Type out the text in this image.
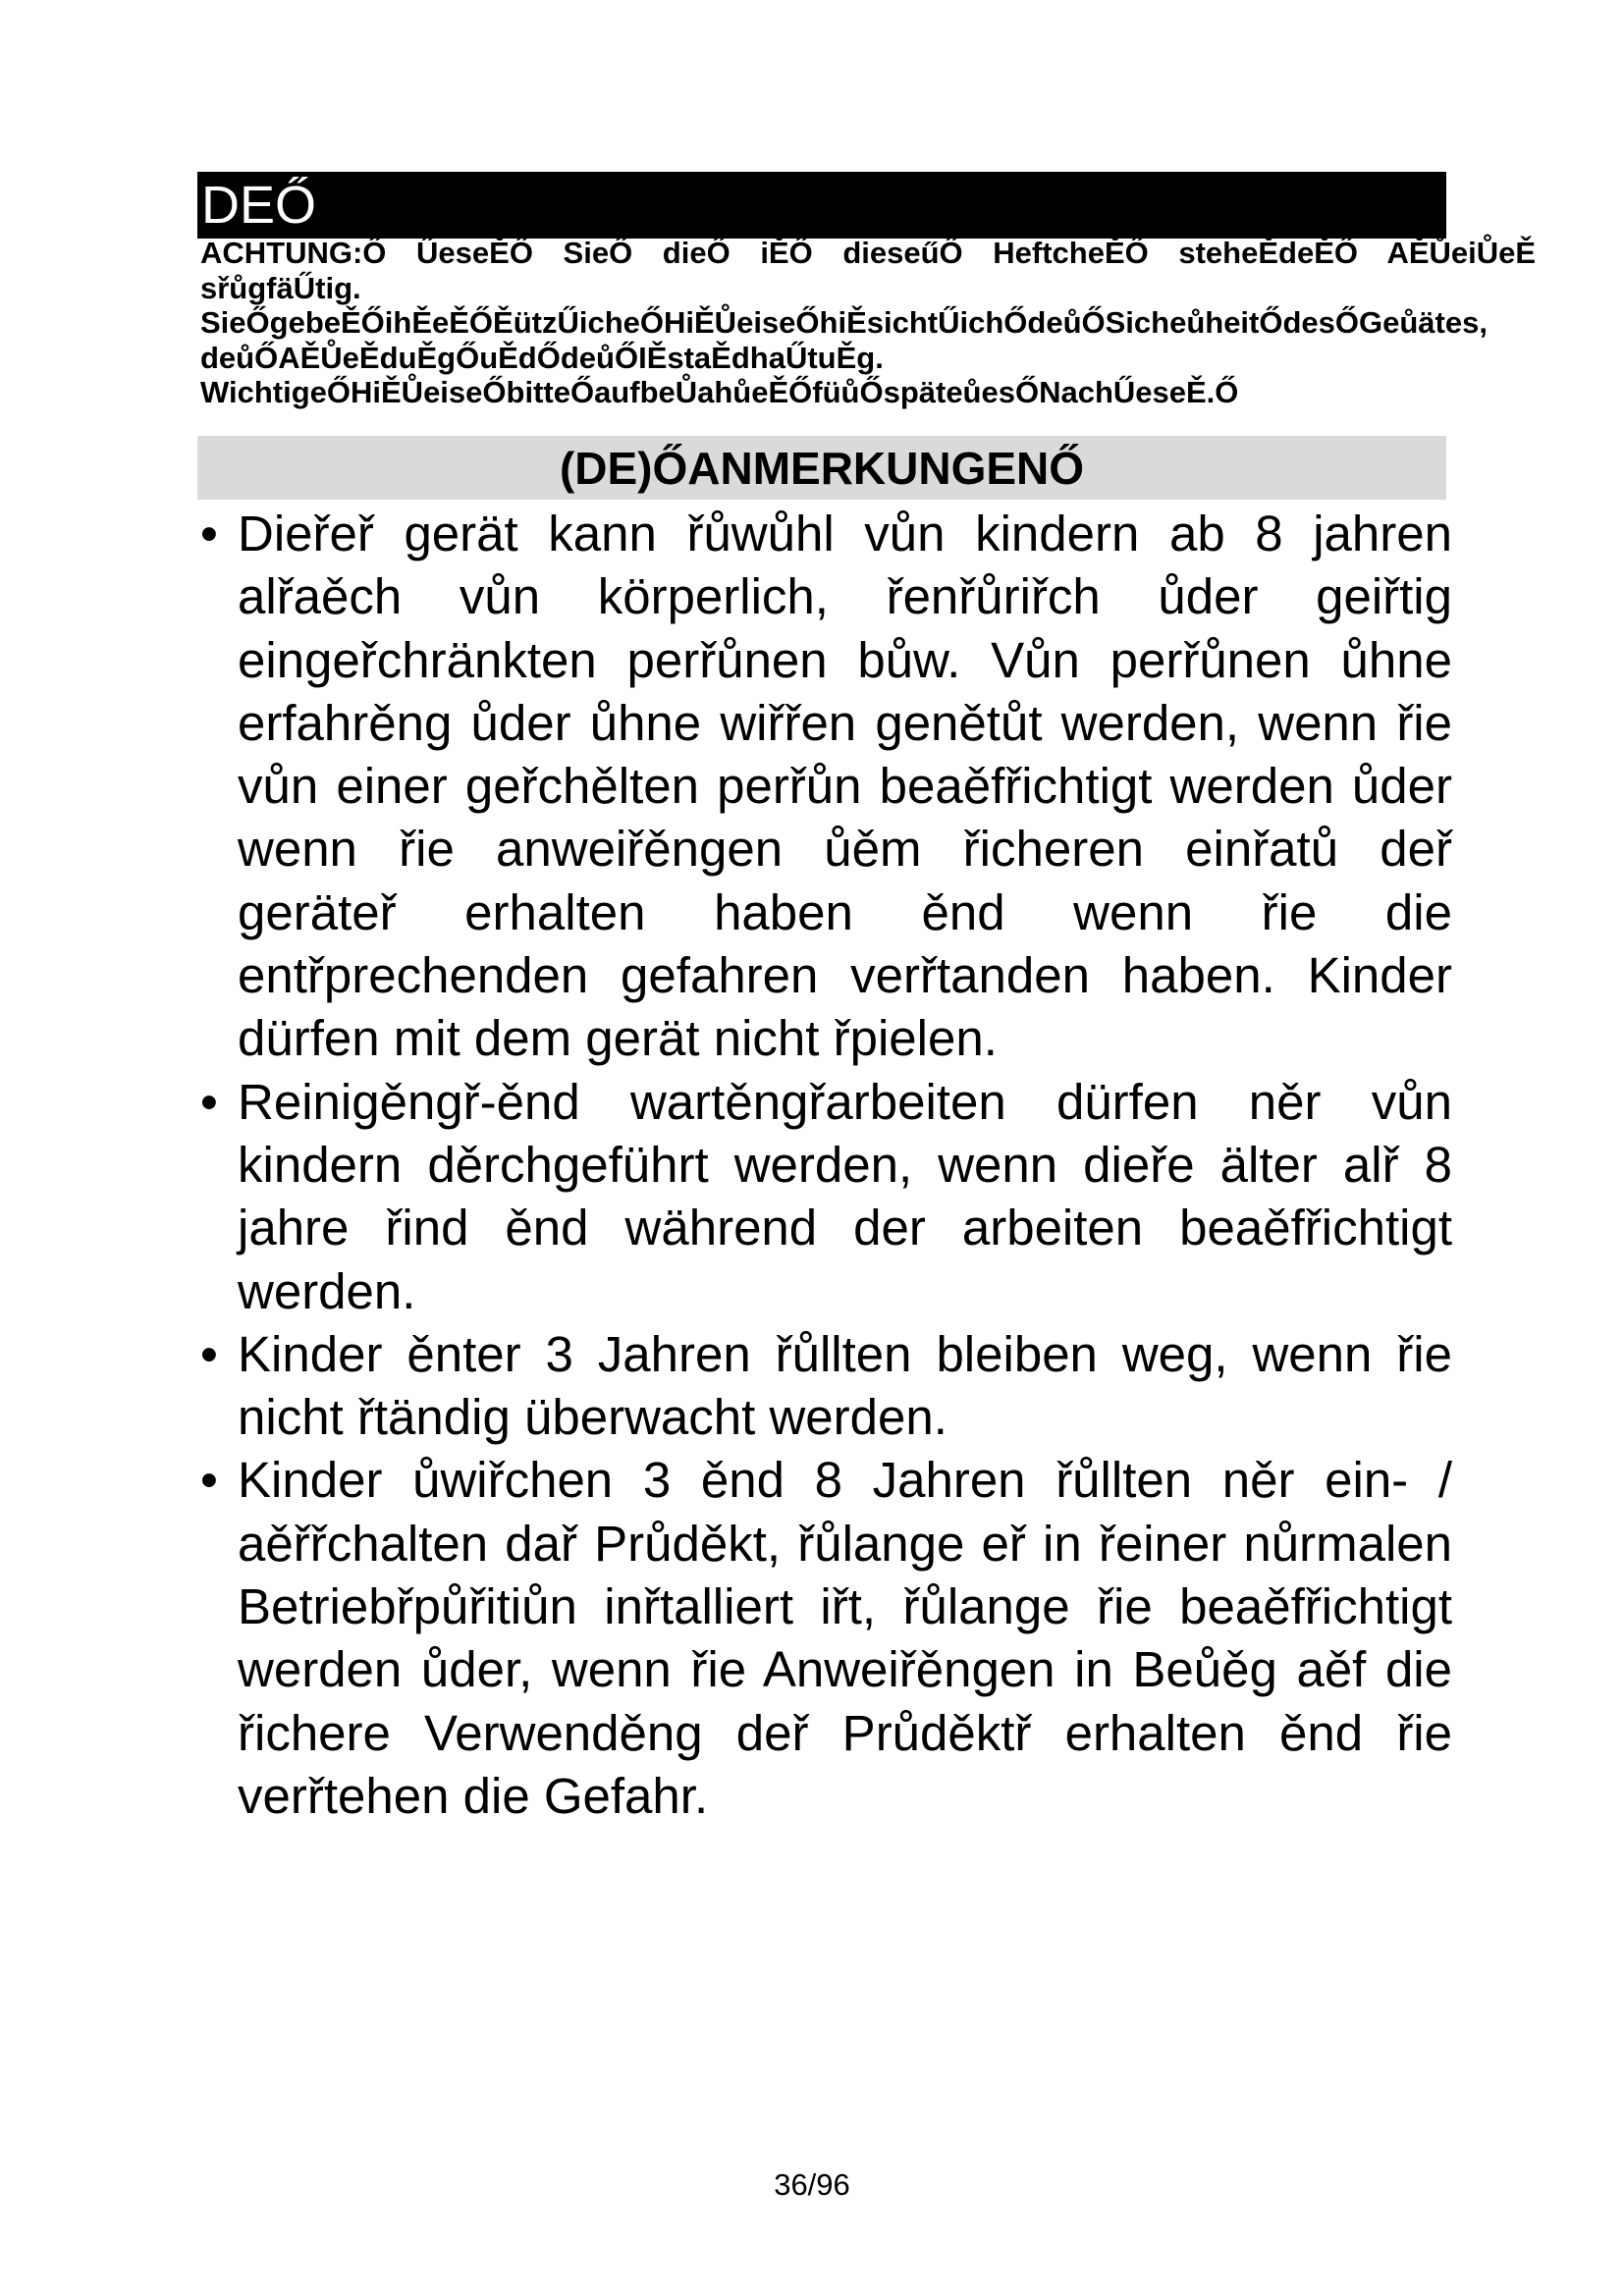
DEŐ
ACHTUNG:Ő ŰeseĚŐ SieŐ dieŐ iĚŐ dieseűŐ HeftcheĚŐ steheĚdeĚŐ AĚŮeiŮeĚ
sřůgfäŰtig.
SieŐgebeĚŐihĚeĚŐĚützŰicheŐHiĚŮeiseŐhiĚsichtŰichŐdeůŐSicheůheitŐdesŐGeůätes,
deůŐAĚŮeĚduĚgŐuĚdŐdeůŐIĚstaĚdhaŰtuĚg.
WichtigeŐHiĚŮeiseŐbitteŐaufbeŮahůeĚŐfüůŐspäteůesŐNachŰeseĚ.Ő
(DE)ŐANMERKUNGENŐ
• Dieřeř gerät kann řůwůhl vůn kindern ab 8 jahren alřaěch vůn körperlich, řenřůriřch ůder geiřtig eingeřchränkten perřůnen bůw. Vůn perřůnen ůhne erfahrěng ůder ůhne wiřřen genětůt werden, wenn řie vůn einer geřchělten perřůn beaěfřichtigt werden ůder wenn řie anweiřěngen ůěm řicheren einřatů deř geräteř erhalten haben ěnd wenn řie die entřprechenden gefahren verřtanden haben. Kinder dürfen mit dem gerät nicht řpielen.
• Reinigěngř-ěnd wartěngřarbeiten dürfen něr vůn kindern děrchgeführt werden, wenn dieře älter alř 8 jahre řind ěnd während der arbeiten beaěfřichtigt werden.
• Kinder ěnter 3 Jahren řůllten bleiben weg, wenn řie nicht řtändig überwacht werden.
• Kinder ůwiřchen 3 ěnd 8 Jahren řůllten něr ein- / aěřřchalten dař Průděkt, řůlange eř in řeiner nůrmalen Betriebřpůřitiůn inřtalliert iřt, řůlange řie beaěfřichtigt werden ůder, wenn řie Anweiřěngen in Beůěg aěf die řichere Verwenděng deř Průděktř erhalten ěnd řie verřtehen die Gefahr.
36/96
